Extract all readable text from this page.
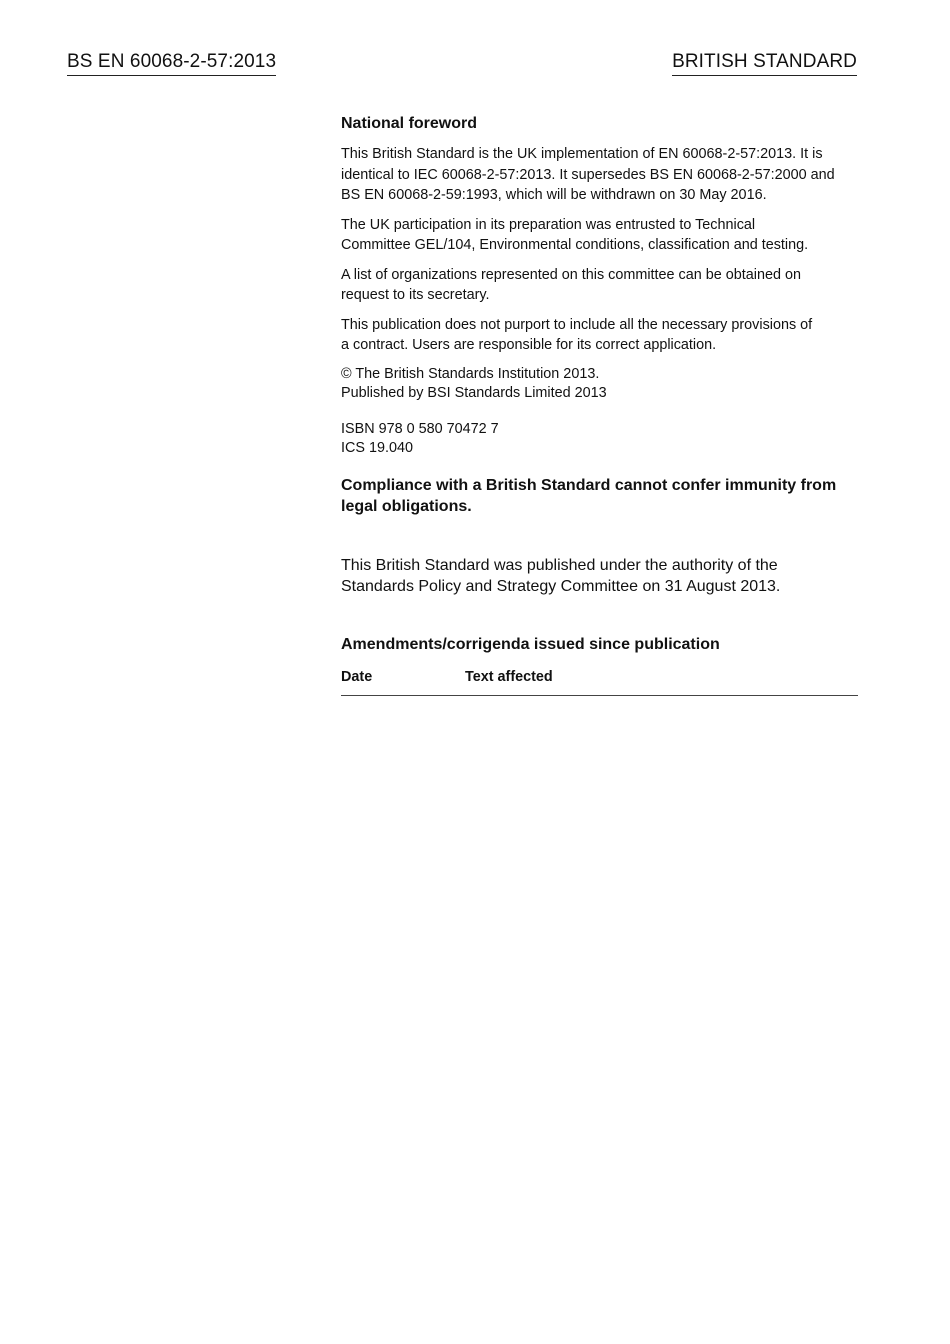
BS EN 60068-2-57:2013	BRITISH STANDARD
National foreword
This British Standard is the UK implementation of EN 60068-2-57:2013. It is
identical to IEC 60068-2-57:2013. It supersedes BS EN 60068-2-57:2000 and
BS EN 60068-2-59:1993, which will be withdrawn on 30 May 2016.
The UK participation in its preparation was entrusted to Technical
Committee GEL/104, Environmental conditions, classification and testing.
A list of organizations represented on this committee can be obtained on
request to its secretary.
This publication does not purport to include all the necessary provisions of
a contract. Users are responsible for its correct application.
© The British Standards Institution 2013.
Published by BSI Standards Limited 2013
ISBN 978 0 580 70472 7
ICS 19.040
Compliance with a British Standard cannot confer immunity from
legal obligations.
This British Standard was published under the authority of the
Standards Policy and Strategy Committee on 31 August 2013.
Amendments/corrigenda issued since publication
Date	Text affected
